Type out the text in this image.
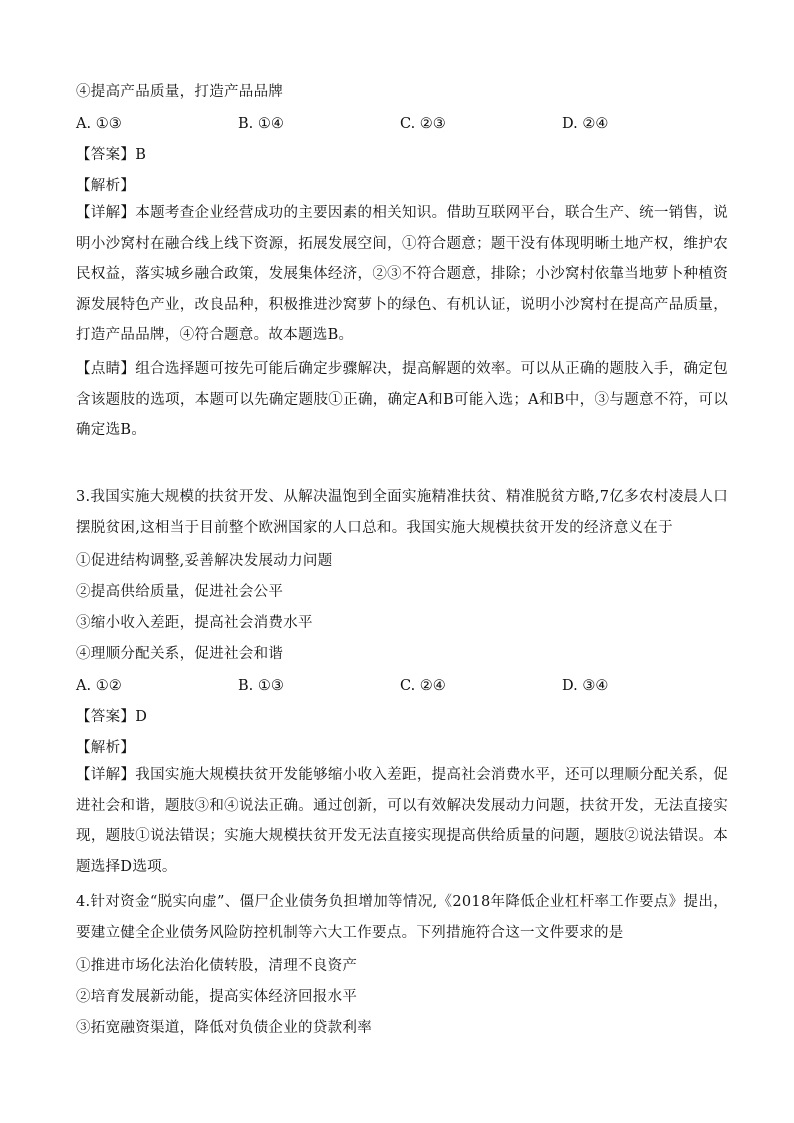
④提高产品质量，打造产品品牌
A. ①③	B. ①④	C. ②③	D. ②④
【答案】B
【解析】
【详解】本题考查企业经营成功的主要因素的相关知识。借助互联网平台，联合生产、统一销售，说明小沙窝村在融合线上线下资源，拓展发展空间，①符合题意；题干没有体现明晰土地产权，维护农民权益，落实城乡融合政策，发展集体经济，②③不符合题意，排除；小沙窝村依靠当地萝卜种植资源发展特色产业，改良品种，积极推进沙窝萝卜的绿色、有机认证，说明小沙窝村在提高产品质量，打造产品品牌，④符合题意。故本题选B。
【点睛】组合选择题可按先可能后确定步骤解决，提高解题的效率。可以从正确的题肢入手，确定包含该题肢的选项，本题可以先确定题肢①正确，确定A和B可能入选；A和B中，③与题意不符，可以确定选B。
3.我国实施大规模的扶贫开发、从解决温饱到全面实施精准扶贫、精准脱贫方略,7亿多农村凌晨人口摆脱贫困,这相当于目前整个欧洲国家的人口总和。我国实施大规模扶贫开发的经济意义在于
①促进结构调整,妥善解决发展动力问题
②提高供给质量，促进社会公平
③缩小收入差距，提高社会消费水平
④理顺分配关系，促进社会和谐
A. ①②	B. ①③	C. ②④	D. ③④
【答案】D
【解析】
【详解】我国实施大规模扶贫开发能够缩小收入差距，提高社会消费水平，还可以理顺分配关系，促进社会和谐，题肢③和④说法正确。通过创新，可以有效解决发展动力问题，扶贫开发，无法直接实现，题肢①说法错误；实施大规模扶贫开发无法直接实现提高供给质量的问题，题肢②说法错误。本题选择D选项。
4.针对资金“脱实向虚”、僵尸企业债务负担增加等情况,《2018年降低企业杠杆率工作要点》提出，要建立健全企业债务风险防控机制等六大工作要点。下列措施符合这一文件要求的是
①推进市场化法治化债转股，清理不良资产
②培育发展新动能，提高实体经济回报水平
③拓宽融资渠道，降低对负债企业的贷款利率
